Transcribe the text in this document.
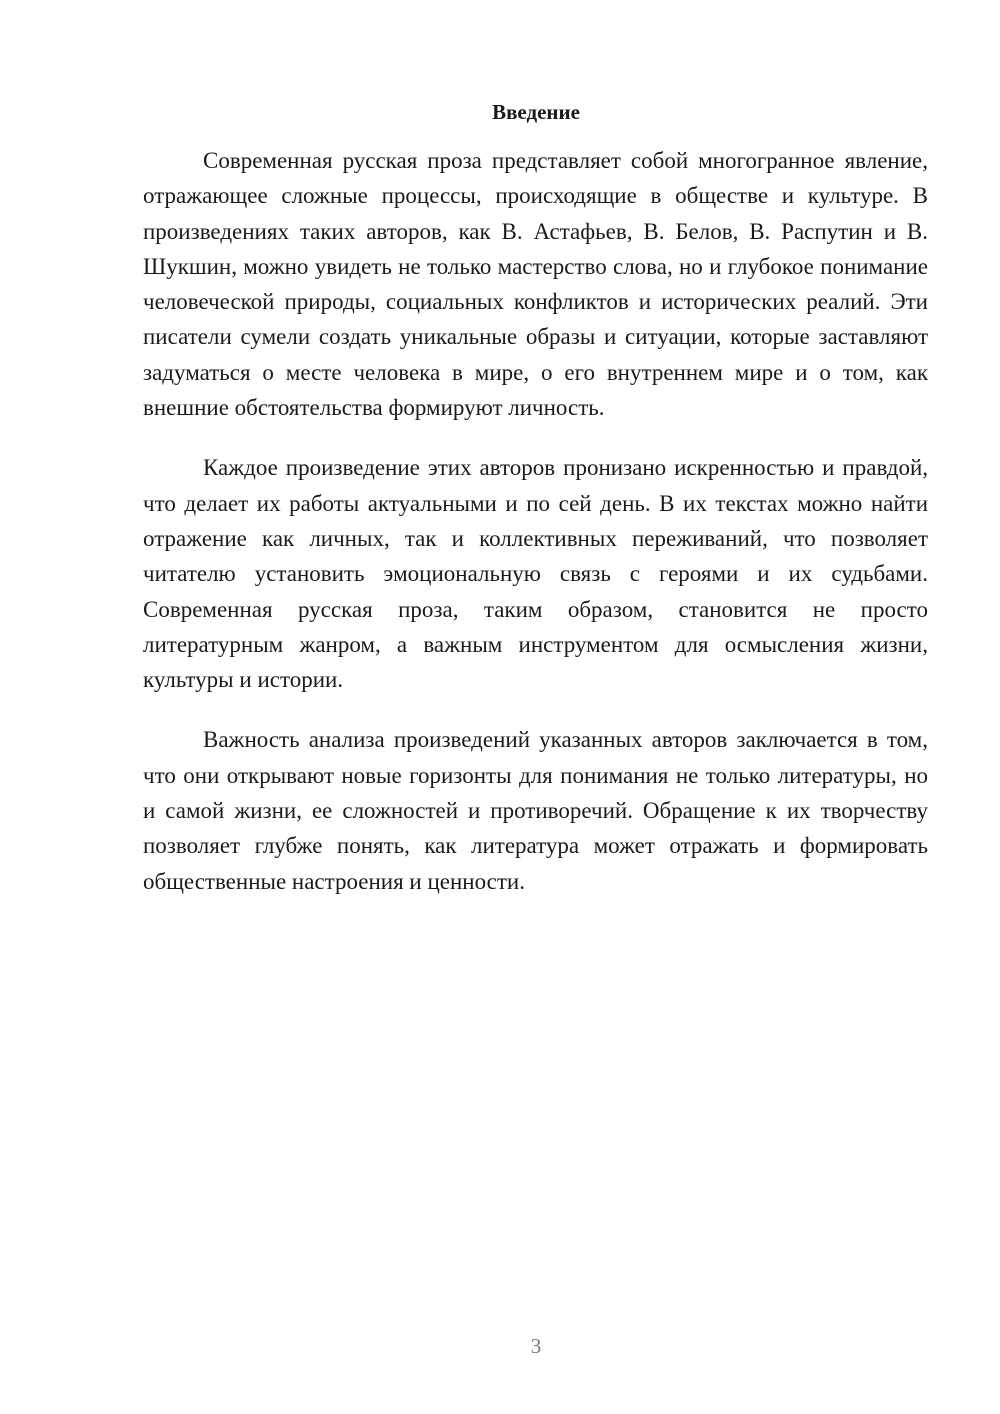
Введение

Современная русская проза представляет собой многогранное явление, отражающее сложные процессы, происходящие в обществе и культуре. В произведениях таких авторов, как В. Астафьев, В. Белов, В. Распутин и В. Шукшин, можно увидеть не только мастерство слова, но и глубокое понимание человеческой природы, социальных конфликтов и исторических реалий. Эти писатели сумели создать уникальные образы и ситуации, которые заставляют задуматься о месте человека в мире, о его внутреннем мире и о том, как внешние обстоятельства формируют личность.

Каждое произведение этих авторов пронизано искренностью и правдой, что делает их работы актуальными и по сей день. В их текстах можно найти отражение как личных, так и коллективных переживаний, что позволяет читателю установить эмоциональную связь с героями и их судьбами. Современная русская проза, таким образом, становится не просто литературным жанром, а важным инструментом для осмысления жизни, культуры и истории.

Важность анализа произведений указанных авторов заключается в том, что они открывают новые горизонты для понимания не только литературы, но и самой жизни, ее сложностей и противоречий. Обращение к их творчеству позволяет глубже понять, как литература может отражать и формировать общественные настроения и ценности.

3
